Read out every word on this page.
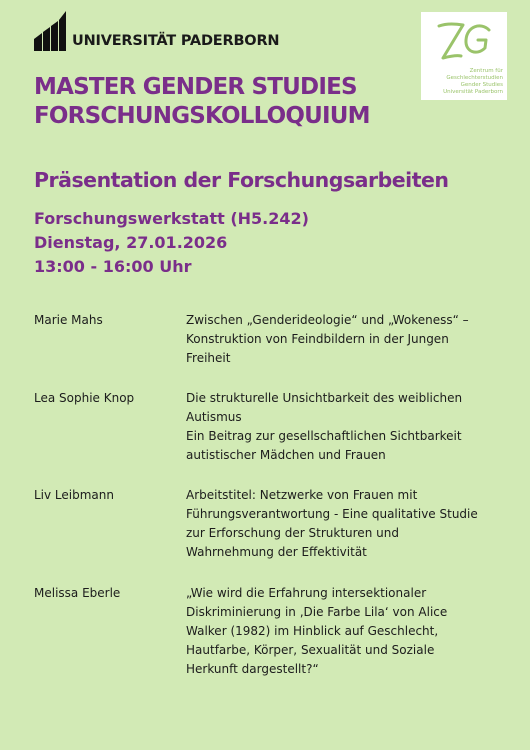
UNIVERSITÄT PADERBORN
Zentrum für
Geschlechterstudien
Gender Studies
Universität Paderborn
MASTER GENDER STUDIES
FORSCHUNGSKOLLOQUIUM
Präsentation der Forschungsarbeiten
Forschungswerkstatt (H5.242)
Dienstag, 27.01.2026
13:00 - 16:00 Uhr
Marie Mahs	Zwischen „Genderideologie“ und „Wokeness“ –
Konstruktion von Feindbildern in der Jungen
Freiheit
Lea Sophie Knop	Die strukturelle Unsichtbarkeit des weiblichen
Autismus
Ein Beitrag zur gesellschaftlichen Sichtbarkeit
autistischer Mädchen und Frauen
Liv Leibmann	Arbeitstitel: Netzwerke von Frauen mit
Führungsverantwortung - Eine qualitative Studie
zur Erforschung der Strukturen und
Wahrnehmung der Effektivität
Melissa Eberle	„Wie wird die Erfahrung intersektionaler
Diskriminierung in ‚Die Farbe Lila‘ von Alice
Walker (1982) im Hinblick auf Geschlecht,
Hautfarbe, Körper, Sexualität und Soziale
Herkunft dargestellt?“
